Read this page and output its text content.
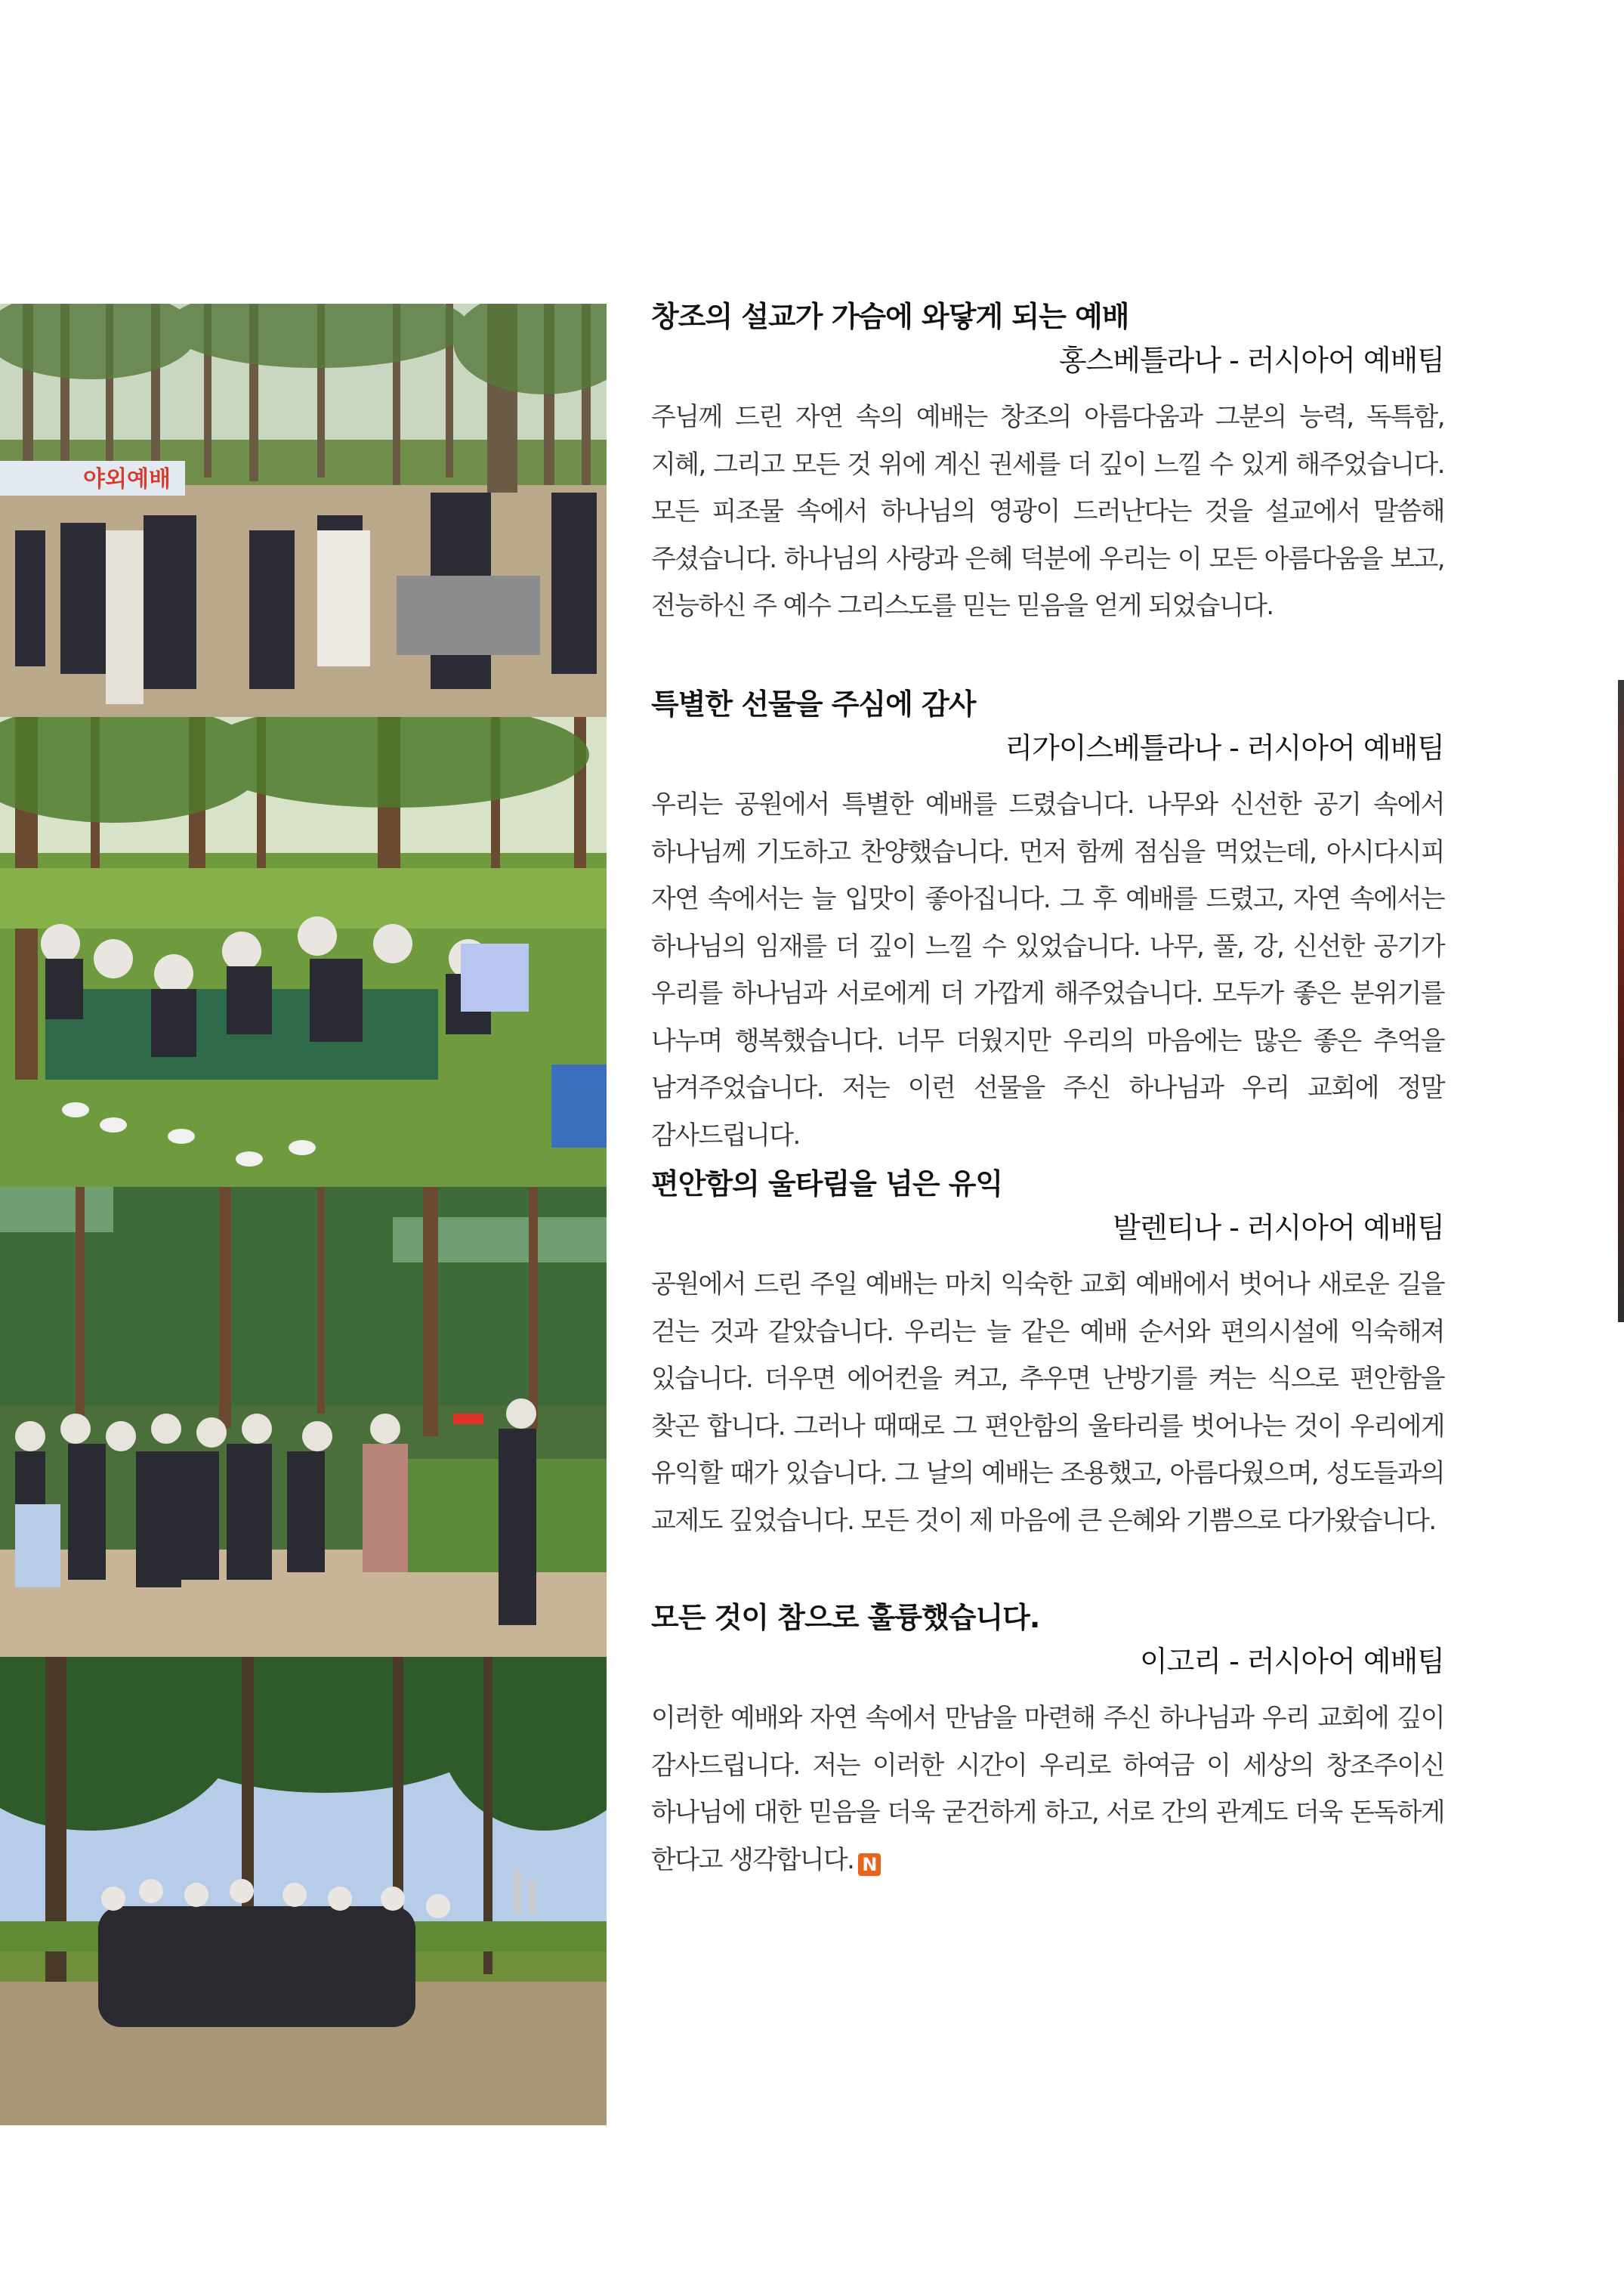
야외예배
창조의 설교가 가슴에 와닿게 되는 예배

홍스베틀라나 - 러시아어 예배팀

주님께 드린 자연 속의 예배는 창조의 아름다움과 그분의 능력, 독특함, 지혜, 그리고 모든 것 위에 계신 권세를 더 깊이 느낄 수 있게 해주었습니다. 모든 피조물 속에서 하나님의 영광이 드러난다는 것을 설교에서 말씀해 주셨습니다. 하나님의 사랑과 은혜 덕분에 우리는 이 모든 아름다움을 보고, 전능하신 주 예수 그리스도를 믿는 믿음을 얻게 되었습니다.

특별한 선물을 주심에 감사

리가이스베틀라나 - 러시아어 예배팀

우리는 공원에서 특별한 예배를 드렸습니다. 나무와 신선한 공기 속에서 하나님께 기도하고 찬양했습니다. 먼저 함께 점심을 먹었는데, 아시다시피 자연 속에서는 늘 입맛이 좋아집니다. 그 후 예배를 드렸고, 자연 속에서는 하나님의 임재를 더 깊이 느낄 수 있었습니다. 나무, 풀, 강, 신선한 공기가 우리를 하나님과 서로에게 더 가깝게 해주었습니다. 모두가 좋은 분위기를 나누며 행복했습니다. 너무 더웠지만 우리의 마음에는 많은 좋은 추억을 남겨주었습니다. 저는 이런 선물을 주신 하나님과 우리 교회에 정말 감사드립니다.

편안함의 울타림을 넘은 유익

발렌티나 - 러시아어 예배팀

공원에서 드린 주일 예배는 마치 익숙한 교회 예배에서 벗어나 새로운 길을 걷는 것과 같았습니다. 우리는 늘 같은 예배 순서와 편의시설에 익숙해져 있습니다. 더우면 에어컨을 켜고, 추우면 난방기를 켜는 식으로 편안함을 찾곤 합니다. 그러나 때때로 그 편안함의 울타리를 벗어나는 것이 우리에게 유익할 때가 있습니다. 그 날의 예배는 조용했고, 아름다웠으며, 성도들과의 교제도 깊었습니다. 모든 것이 제 마음에 큰 은혜와 기쁨으로 다가왔습니다.

모든 것이 참으로 훌륭했습니다.

이고리 - 러시아어 예배팀

이러한 예배와 자연 속에서 만남을 마련해 주신 하나님과 우리 교회에 깊이 감사드립니다. 저는 이러한 시간이 우리로 하여금 이 세상의 창조주이신 하나님에 대한 믿음을 더욱 굳건하게 하고, 서로 간의 관계도 더욱 돈독하게 한다고 생각합니다. N
